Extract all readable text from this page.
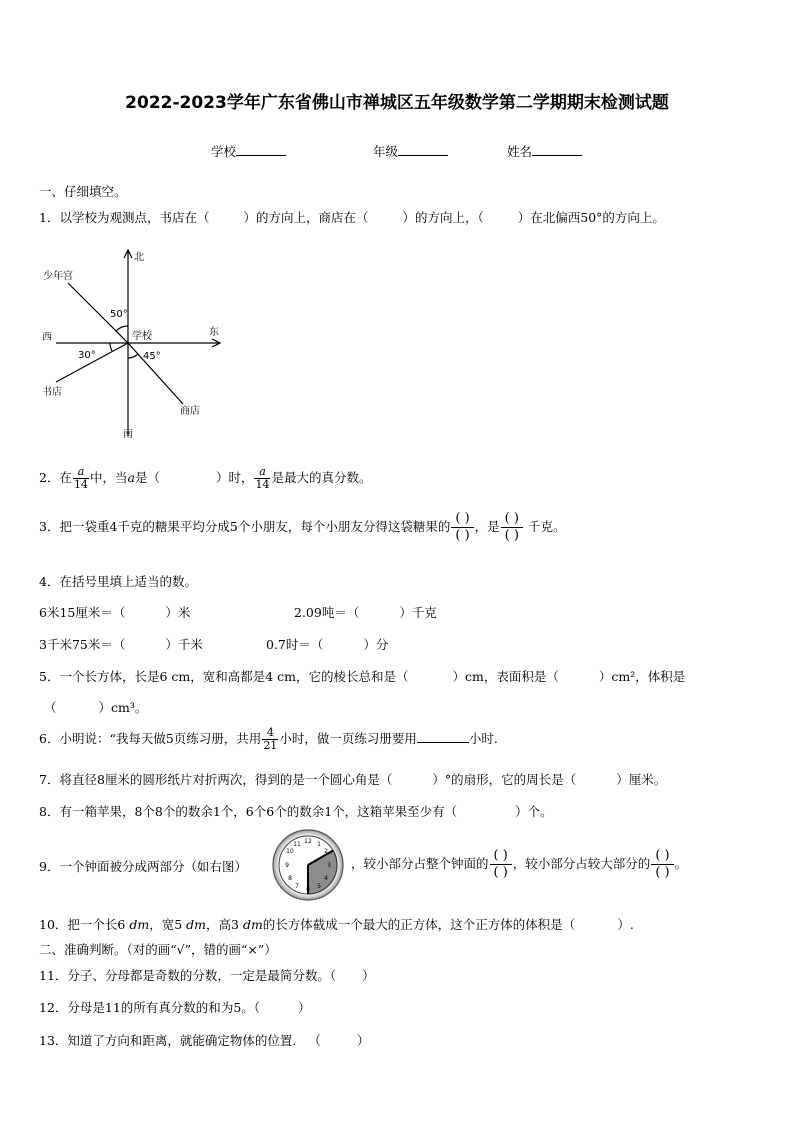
2022-2023学年广东省佛山市禅城区五年级数学第二学期期末检测试题
学校	年级	姓名
一、仔细填空。
1．以学校为观测点，书店在（	）的方向上，商店在（	）的方向上，（	）在北偏西50°的方向上。
北
南
东
西	学校
少年宫
书店
商店
50°
30°	45°
2．在 $\frac{a}{14}$ 中，当a是（	）时， $\frac{a}{14}$ 是最大的真分数。
3．把一袋重4千克的糖果平均分成5个小朋友，每个小朋友分得这袋糖果的 $\frac{( )}{( )}$ ，是 $\frac{( )}{( )}$ 千克。
4．在括号里填上适当的数。
6米15厘米＝（	）米	2.09吨＝（	）千克
3千米75米＝（	）千米	0.7时＝（	）分
5．一个长方体，长是6 cm，宽和高都是4 cm，它的棱长总和是（	）cm，表面积是（	）cm²，体积是
（	）cm³。
6．小明说：“我每天做5页练习册，共用 $\frac{4}{21}$ 小时，做一页练习册要用	小时.
7．将直径8厘米的圆形纸片对折两次，得到的是一个圆心角是（	）°的扇形，它的周长是（	）厘米。
8．有一箱苹果，8个8个的数余1个，6个6个的数余1个，这箱苹果至少有（	）个。
9．一个钟面被分成两部分（如右图）
12 1
2
3
4
5
6
7
8
9
10
11
，较小部分占整个钟面的 $\frac{( )}{( )}$ ，较小部分占较大部分的 $\frac{( )}{( )}$ 。
10．把一个长6 dm，宽5 dm，高3 dm的长方体截成一个最大的正方体，这个正方体的体积是（	）.
二、准确判断。（对的画“√”，错的画“×”）
11．分子、分母都是奇数的分数，一定是最简分数。（ ）
12．分母是11的所有真分数的和为5。（	）
13．知道了方向和距离，就能确定物体的位置. （	）
